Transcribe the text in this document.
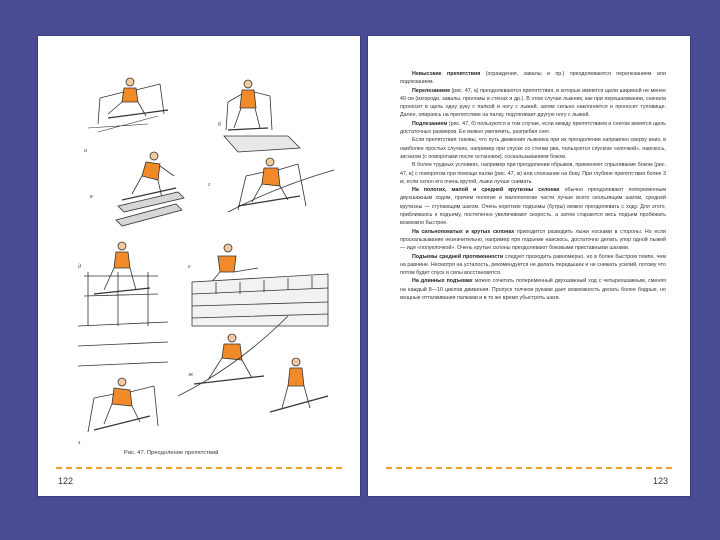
а
б
в
г
д	е
ж
з
Рис. 47. Преодоление препятствий
122

Невысокие препятствия (ограждения, завалы и пр.) преодолеваются перелезанием или подлезанием.

Перелезанием (рис. 47, а) преодолеваются препятствия, в которых имеются щели шириной не менее 40 см (изгороди, завалы, проломы в стенах и др.). В этом случае лыжник, как при перешагивании, сначала проносит в щель одну руку с палкой и ногу с лыжей, затем сильно наклоняется и проносит туловище. Далее, опираясь на препятствие на палку, подтягивает другую ногу с лыжей.

Подлезанием (рис. 47, б) пользуются в том случае, если между препятствием и снегом имеется щель достаточных размеров. Ее можно увеличить, разгребая снег.

Если препятствия таковы, что путь движения лыжника при их преодолении направлен сверху вниз, в наиболее простых случаях, например при спуске со стенки рва, пользуются спуском «елочкой», наискось, зигзагом (с поворотами после остановок), соскальзыванием боком.

В более трудных условиях, например при преодолении обрывов, применяют спрыгивание боком (рис. 47, в) с поворотом при помощи палки (рис. 47, ж) или сползание на боку. При глубине препятствия более 3 м, если склон его очень крутой, лыжи лучше снимать.

На пологих, малой и средней крутизны склонах обычно преодолевают попеременным двухшажным ходом, причем пологие и малопологие части лучше всего скользящим шагом, средней крутизны — ступающим шагом. Очень короткие подъемы (бугры) можно преодолевать с ходу. Для этого, приближаясь к подъему, постепенно увеличивают скорость, а затем стараются весь подъем пробежать возможно быстрее.

На сильнопокатых и крутых склонах приходится разводить лыжи носками в стороны. Но если проскальзывание незначительно, например при подъеме наискось, достаточно делать упор одной лыжей — идя «полуелочкой». Очень крутые склоны преодолевают боковыми приставными шагами.

Подъемы средней протяженности следует проходить равномерно, но в более быстром темпе, чем на равнине. Несмотря на усталость, рекомендуется не делать передышек и не снижать усилий, потому что потом будет спуск и силы восстановятся.

На длинных подъемах можно сочетать попеременный двухшажный ход с четырехшажным, сменяя на каждый 8—10 циклов движения. Пропуск толчков руками дает возможность делать более бодрые, но мощные отталкивания палками и в то же время убыстрять шаги.

123
